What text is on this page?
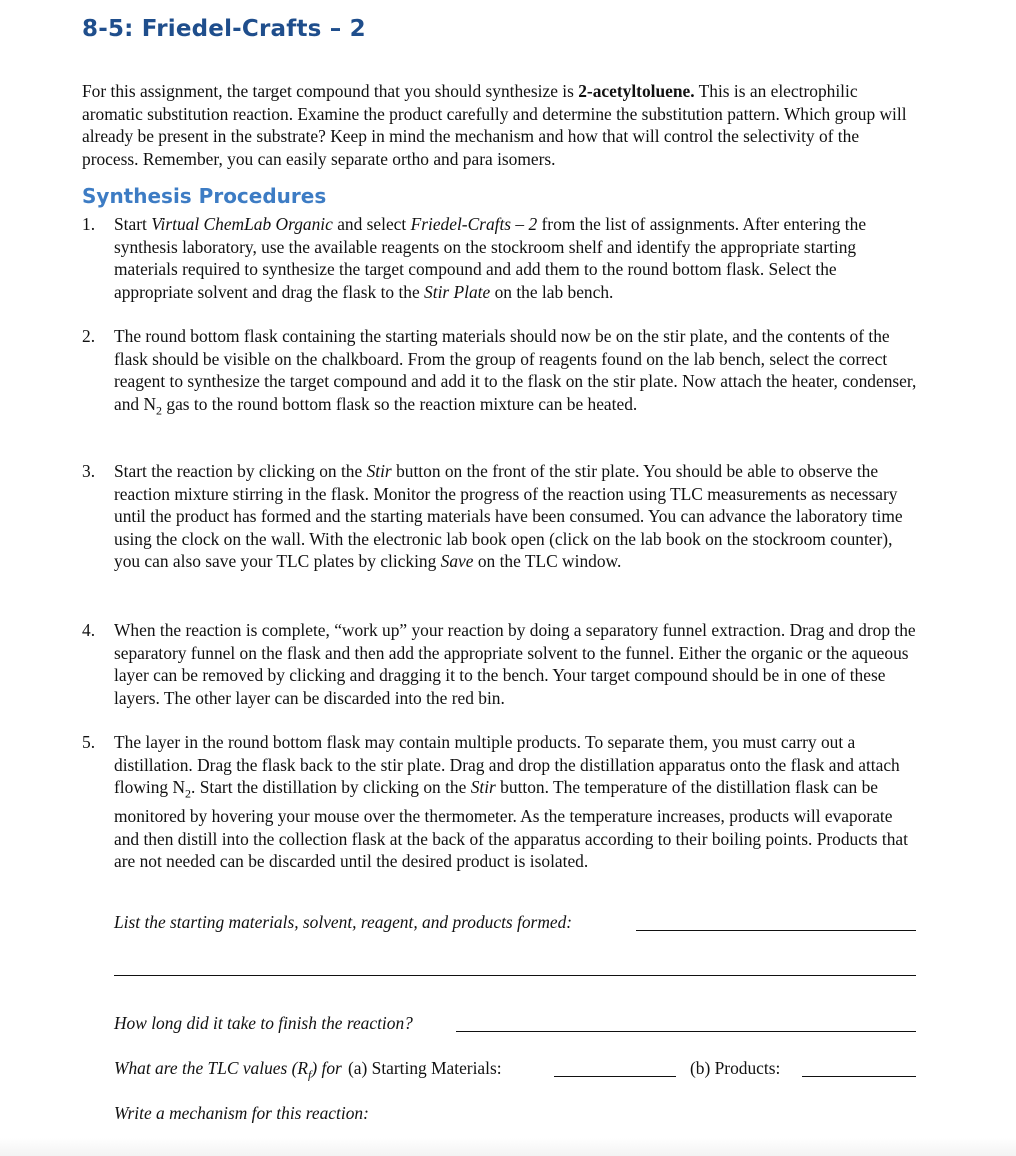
8-5: Friedel-Crafts – 2
For this assignment, the target compound that you should synthesize is 2-acetyltoluene. This is an electrophilic aromatic substitution reaction. Examine the product carefully and determine the substitution pattern. Which group will already be present in the substrate? Keep in mind the mechanism and how that will control the selectivity of the process. Remember, you can easily separate ortho and para isomers.
Synthesis Procedures
1. Start Virtual ChemLab Organic and select Friedel-Crafts – 2 from the list of assignments. After entering the synthesis laboratory, use the available reagents on the stockroom shelf and identify the appropriate starting materials required to synthesize the target compound and add them to the round bottom flask. Select the appropriate solvent and drag the flask to the Stir Plate on the lab bench.
2. The round bottom flask containing the starting materials should now be on the stir plate, and the contents of the flask should be visible on the chalkboard. From the group of reagents found on the lab bench, select the correct reagent to synthesize the target compound and add it to the flask on the stir plate. Now attach the heater, condenser, and $N_2$ gas to the round bottom flask so the reaction mixture can be heated.
3. Start the reaction by clicking on the Stir button on the front of the stir plate. You should be able to observe the reaction mixture stirring in the flask. Monitor the progress of the reaction using TLC measurements as necessary until the product has formed and the starting materials have been consumed. You can advance the laboratory time using the clock on the wall. With the electronic lab book open (click on the lab book on the stockroom counter), you can also save your TLC plates by clicking Save on the TLC window.
4. When the reaction is complete, “work up” your reaction by doing a separatory funnel extraction. Drag and drop the separatory funnel on the flask and then add the appropriate solvent to the funnel. Either the organic or the aqueous layer can be removed by clicking and dragging it to the bench. Your target compound should be in one of these layers. The other layer can be discarded into the red bin.
5. The layer in the round bottom flask may contain multiple products. To separate them, you must carry out a distillation. Drag the flask back to the stir plate. Drag and drop the distillation apparatus onto the flask and attach flowing $N_2$. Start the distillation by clicking on the Stir button. The temperature of the distillation flask can be monitored by hovering your mouse over the thermometer. As the temperature increases, products will evaporate and then distill into the collection flask at the back of the apparatus according to their boiling points. Products that are not needed can be discarded until the desired product is isolated.
List the starting materials, solvent, reagent, and products formed:
How long did it take to finish the reaction?
What are the TLC values $(R_f)$ for (a) Starting Materials:	(b) Products:
Write a mechanism for this reaction:
